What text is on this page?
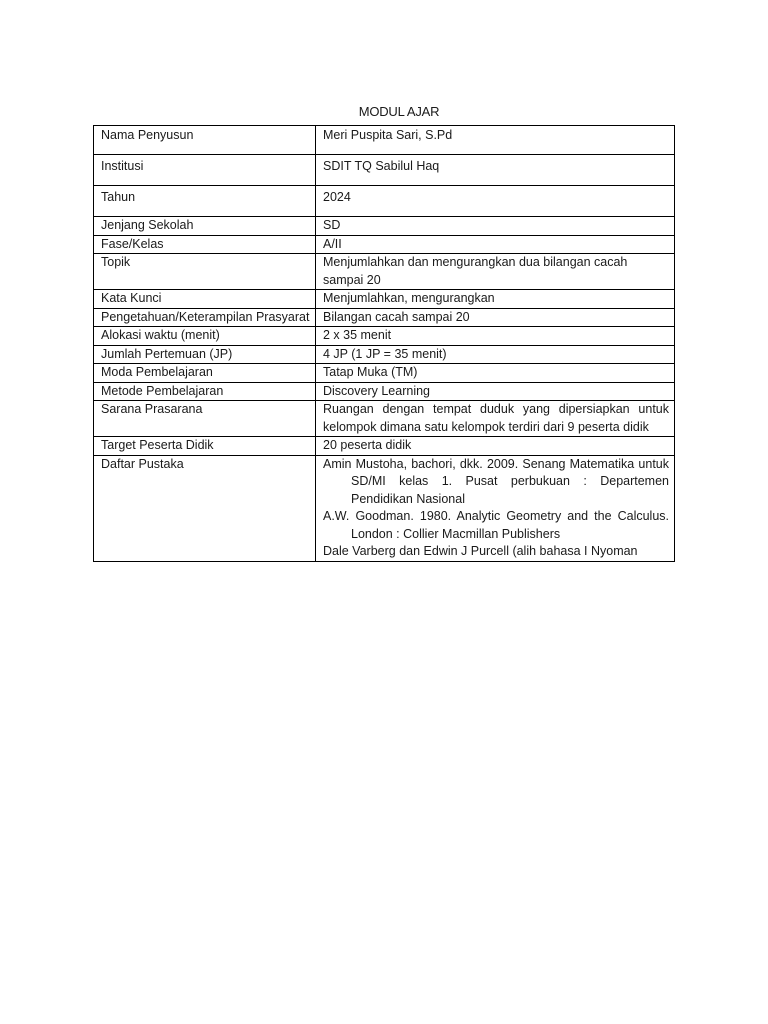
MODUL AJAR
Nama Penyusun	Meri Puspita Sari, S.Pd
Institusi	SDIT TQ Sabilul Haq
Tahun	2024
Jenjang Sekolah	SD
Fase/Kelas	A/II
Topik	Menjumlahkan dan mengurangkan dua bilangan cacah sampai 20
Kata Kunci	Menjumlahkan, mengurangkan
Pengetahuan/Keterampilan Prasyarat	Bilangan cacah sampai 20
Alokasi waktu (menit)	2 x 35 menit
Jumlah Pertemuan (JP)	4 JP (1 JP = 35 menit)
Moda Pembelajaran	Tatap Muka (TM)
Metode Pembelajaran	Discovery Learning
Sarana Prasarana	Ruangan dengan tempat duduk yang dipersiapkan untuk kelompok dimana satu kelompok terdiri dari 9 peserta didik
Target Peserta Didik	20 peserta didik
Daftar Pustaka	Amin Mustoha, bachori, dkk. 2009. Senang Matematika untuk SD/MI kelas 1. Pusat perbukuan : Departemen Pendidikan Nasional
A.W. Goodman. 1980. Analytic Geometry and the Calculus. London : Collier Macmillan Publishers
Dale Varberg dan Edwin J Purcell (alih bahasa I Nyoman
